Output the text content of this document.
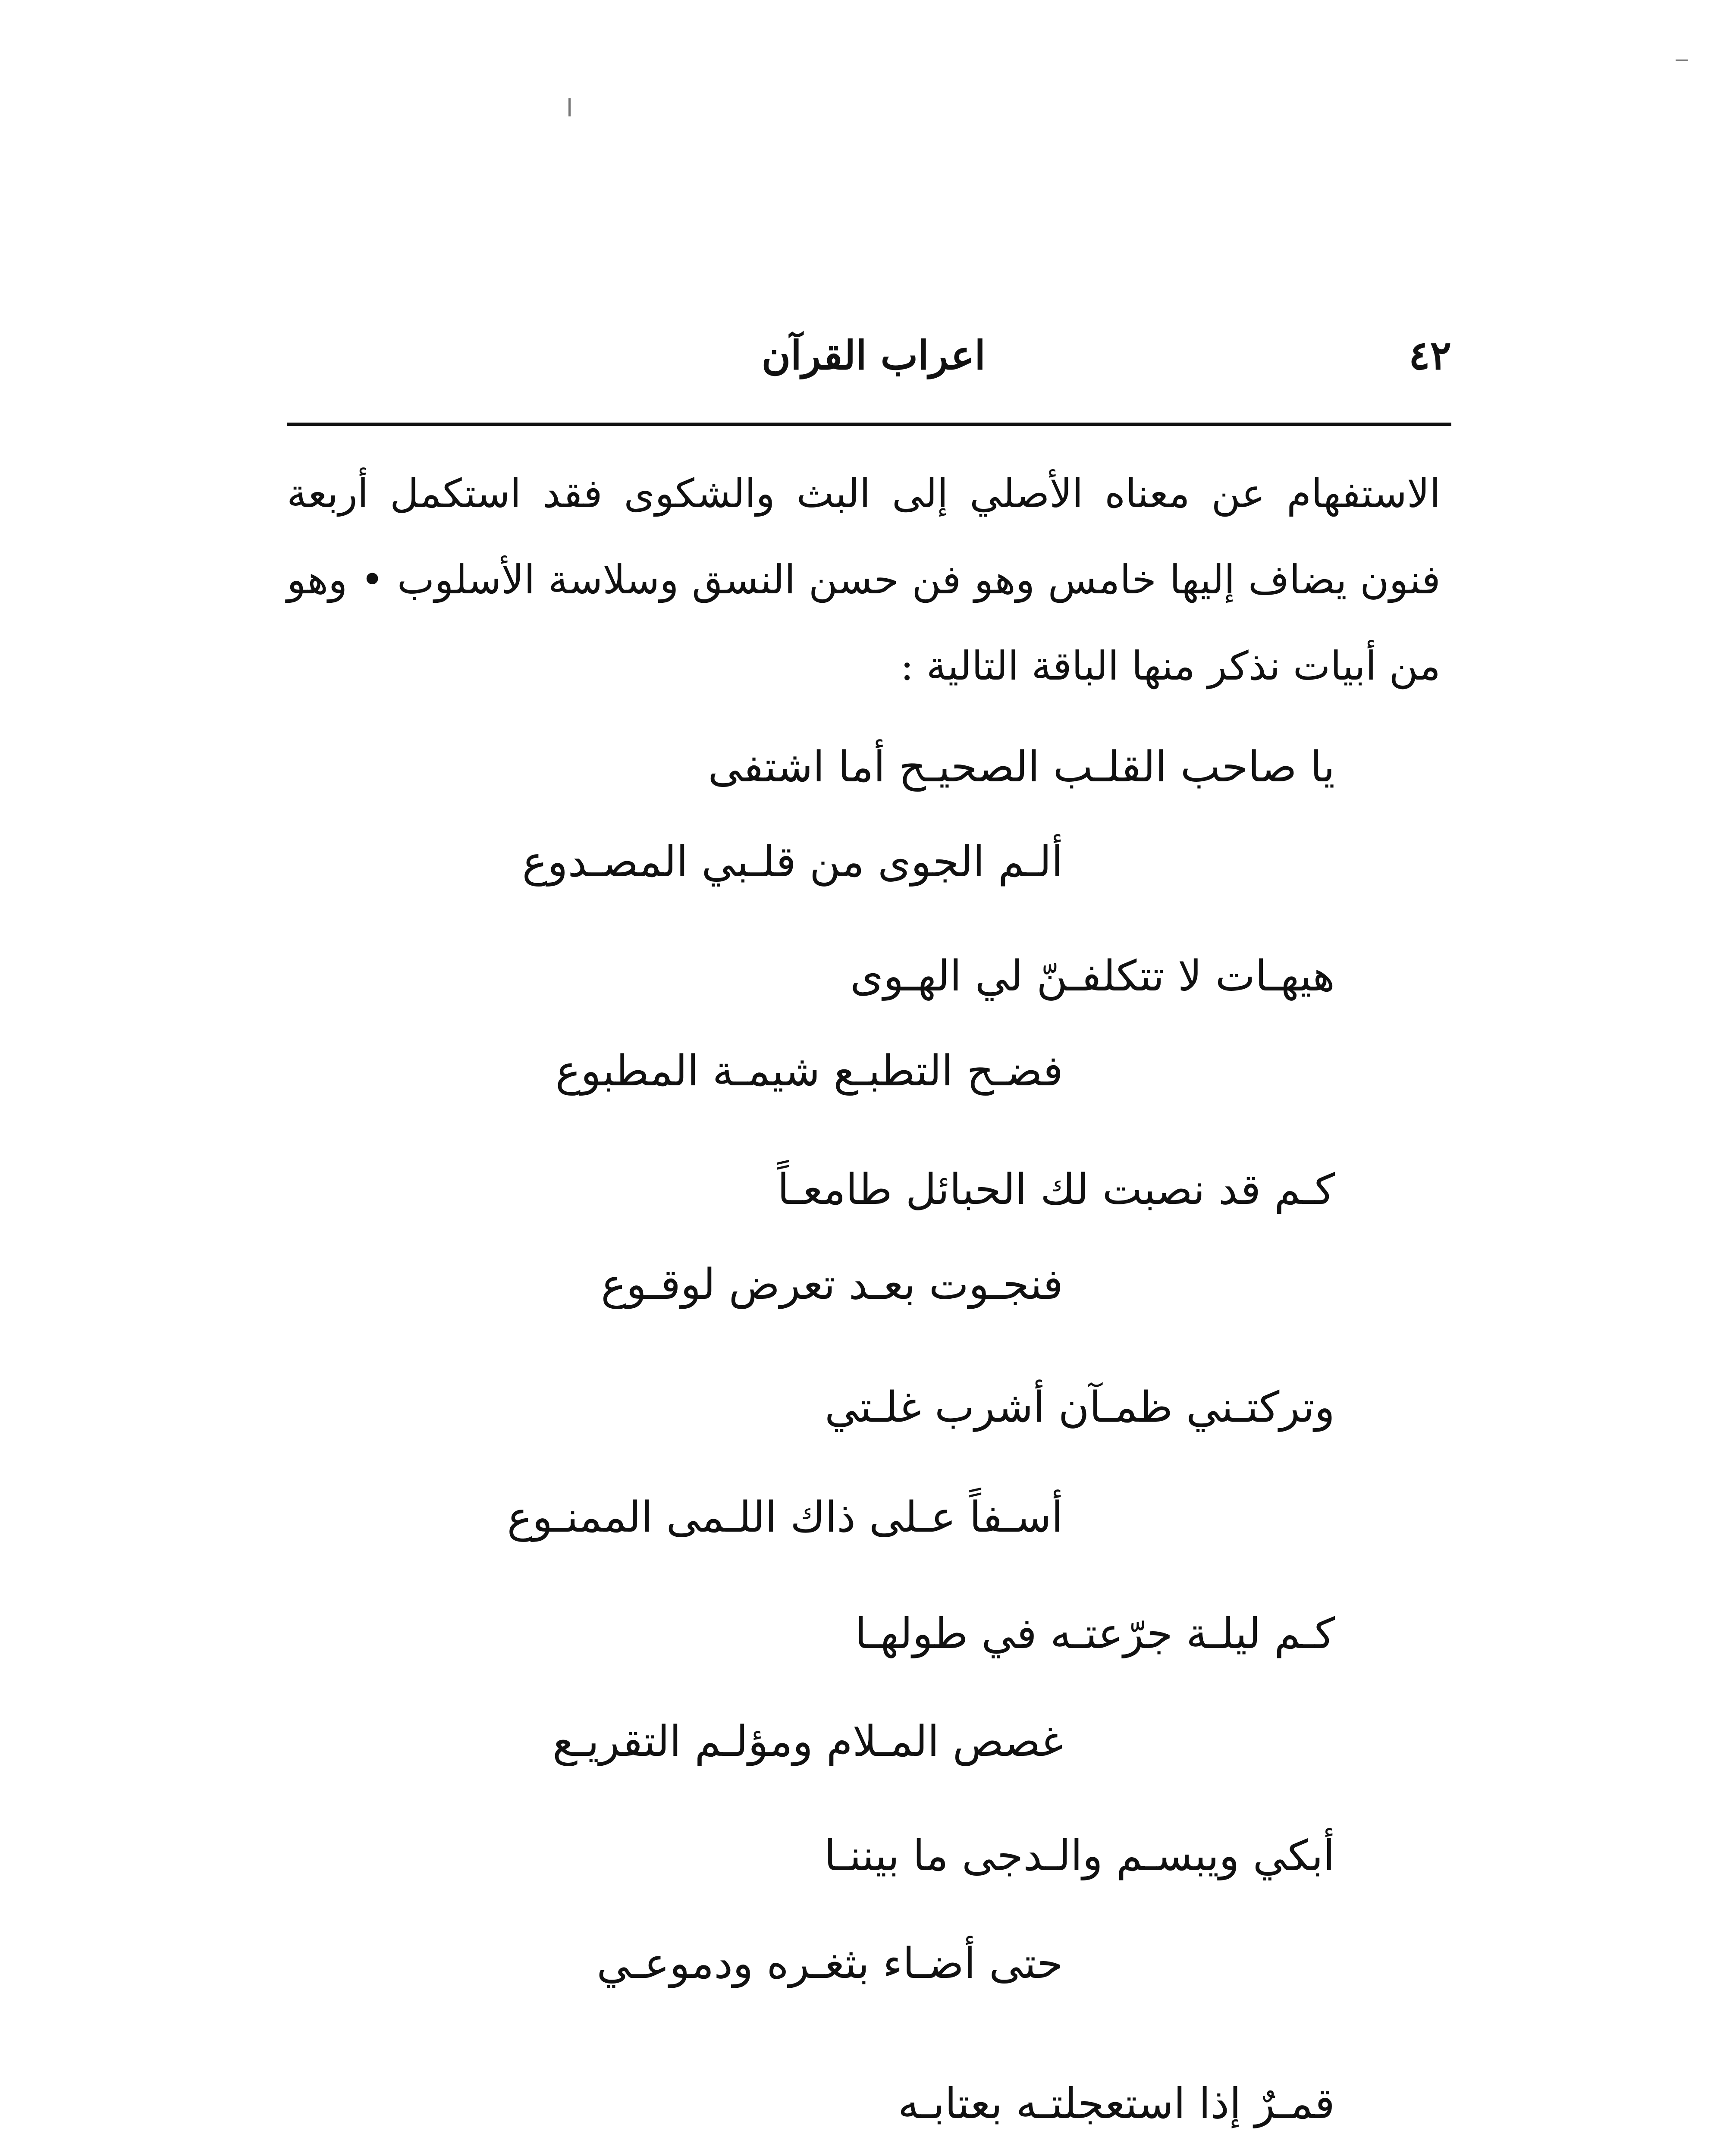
٤٢
اعراب القرآن

الاستفهام عن معناه الأصلي إلى البث والشكوى فقد استكمل أربعة فنون يضاف إليها خامس وهو فن حسن النسق وسلاسة الأسلوب • وهو من أبيات نذكر منها الباقة التالية :

يا صاحب القلـب الصحيـح أما اشتفى
ألـم الجوى من قلـبي المصـدوع
هيهـات لا تتكلفـنّ لي الهـوى
فضـح التطبـع شيمـة المطبوع
كـم قد نصبت لك الحبائل طامعـاً
فنجـوت بعـد تعرض لوقـوع
وتركتـني ظمـآن أشرب غلـتي
أسـفاً عـلى ذاك اللـمى الممنـوع
كـم ليلـة جرّعتـه في طولهـا
غصص المـلام ومؤلـم التقريـع
أبكي ويبسـم والـدجى ما بيننـا
حتى أضـاء بثغـره ودموعـي
قمـرٌ إذا استعجلتـه بعتابـه
